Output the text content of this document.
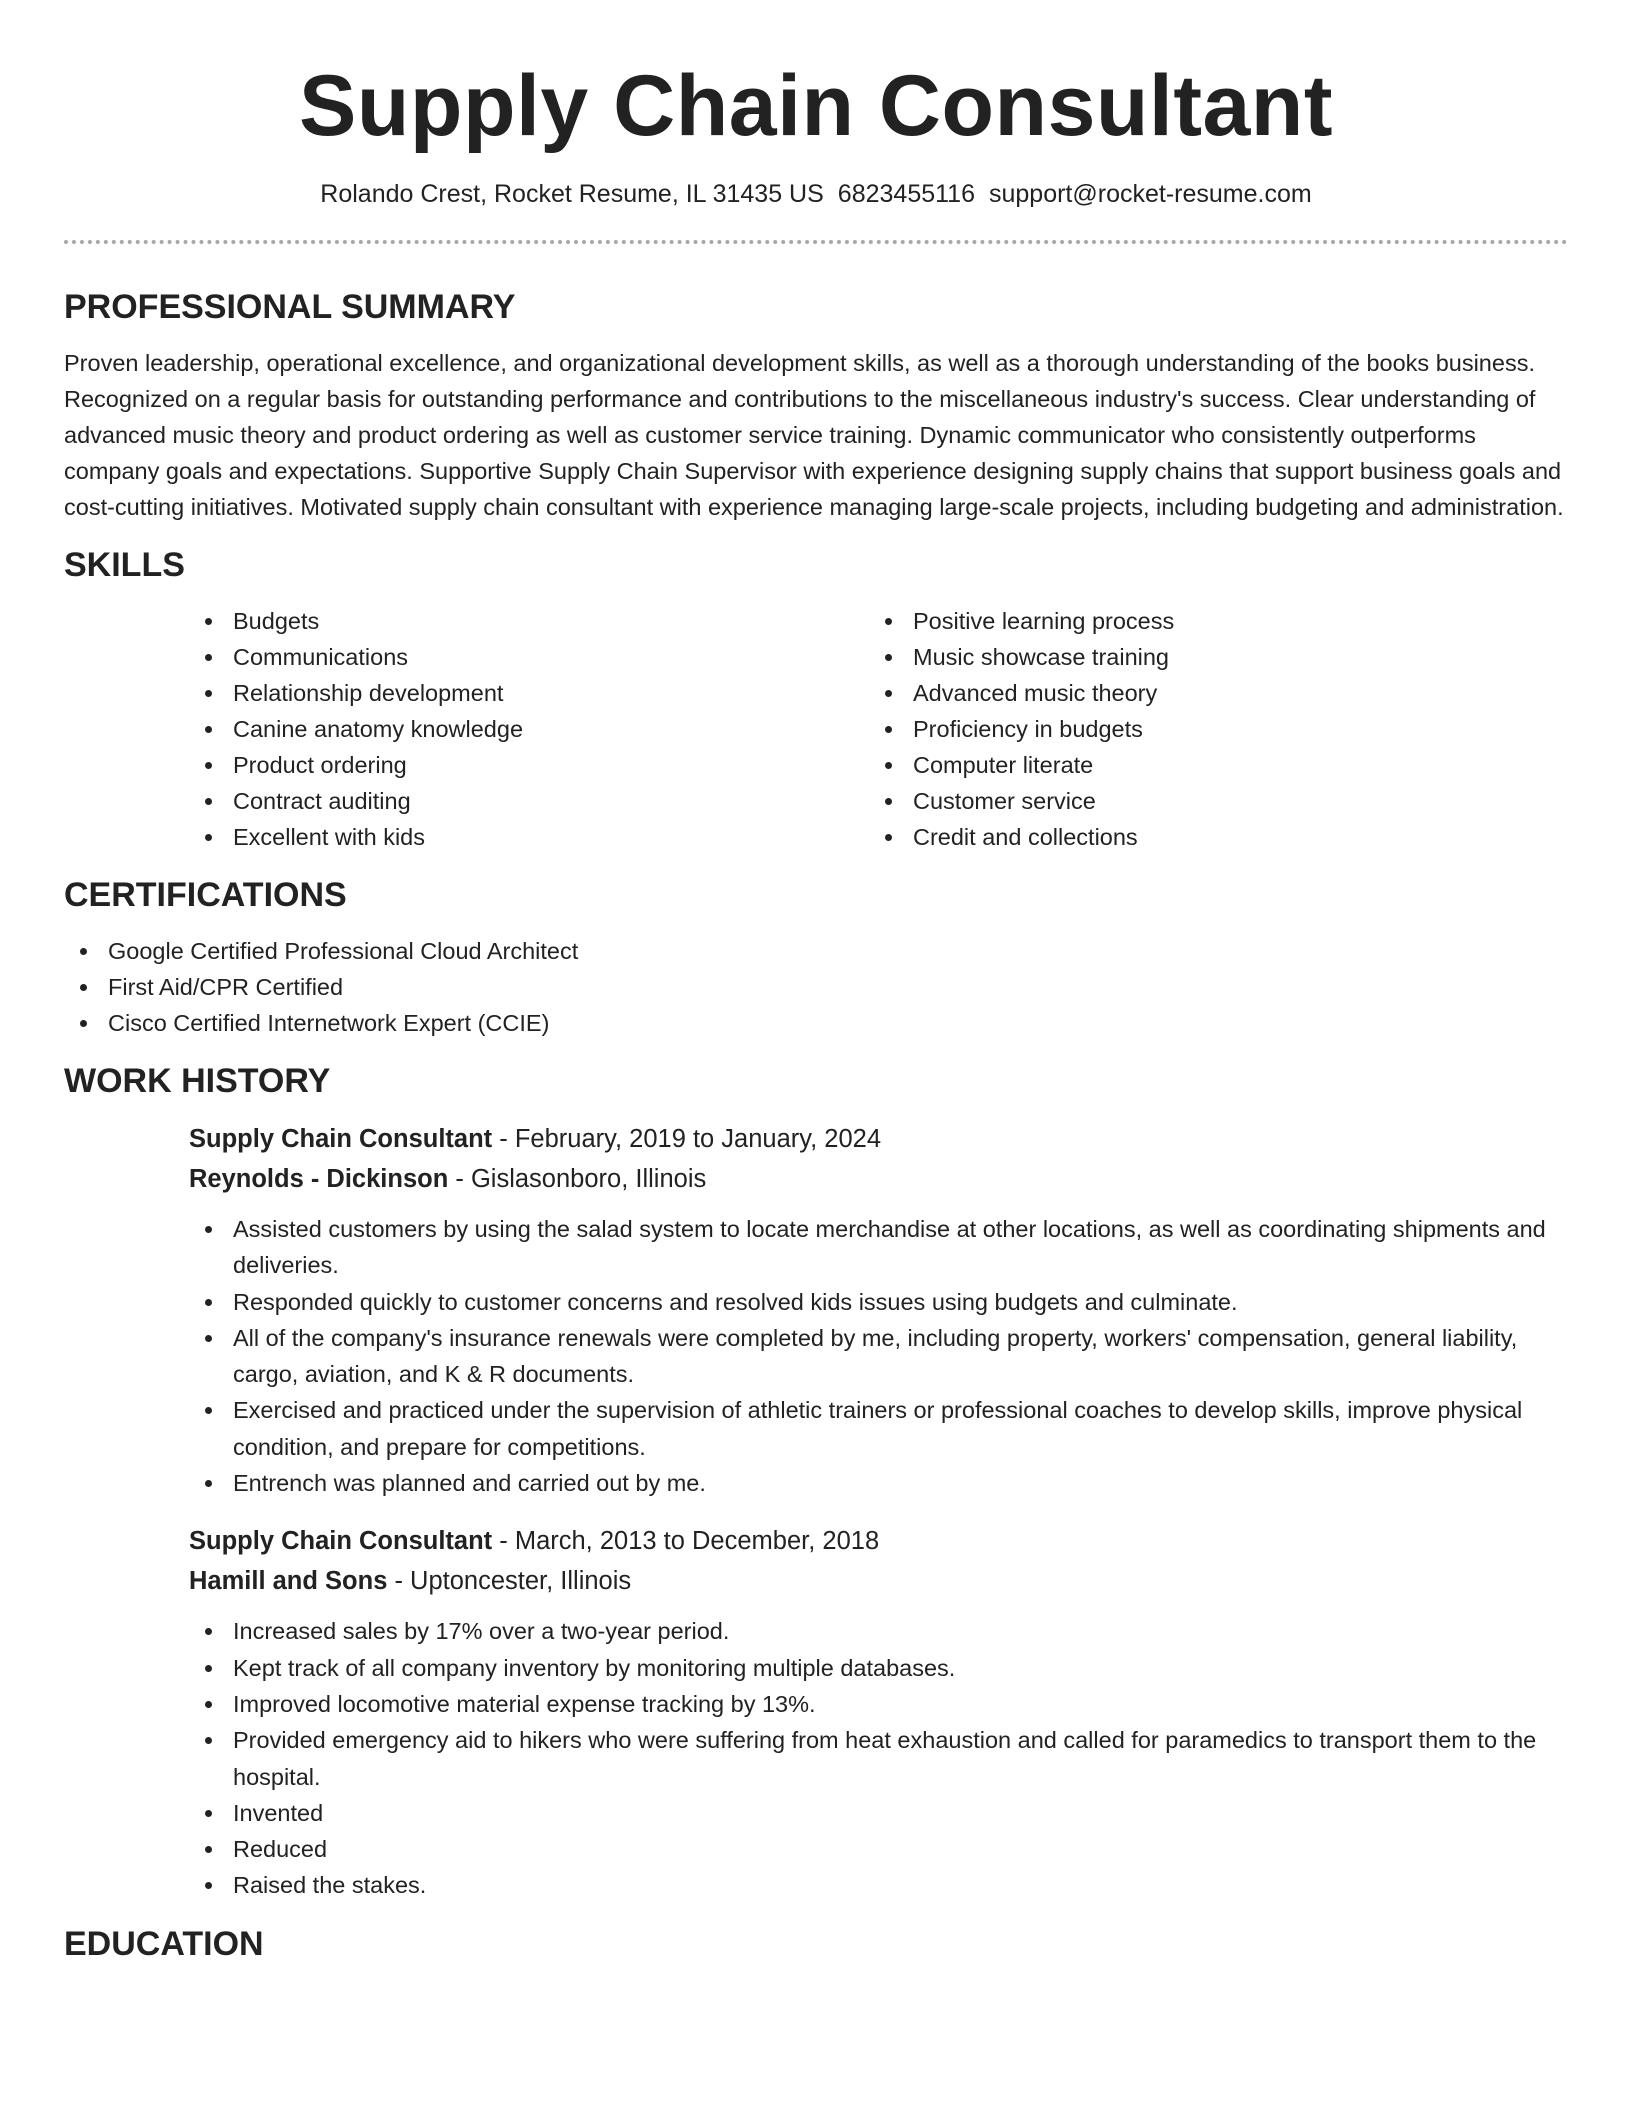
Supply Chain Consultant
Rolando Crest, Rocket Resume, IL 31435 US 6823455116 support@rocket-resume.com
PROFESSIONAL SUMMARY

Proven leadership, operational excellence, and organizational development skills, as well as a thorough understanding of the books business. Recognized on a regular basis for outstanding performance and contributions to the miscellaneous industry's success. Clear understanding of advanced music theory and product ordering as well as customer service training. Dynamic communicator who consistently outperforms company goals and expectations. Supportive Supply Chain Supervisor with experience designing supply chains that support business goals and cost-cutting initiatives. Motivated supply chain consultant with experience managing large-scale projects, including budgeting and administration.

SKILLS
Budgets
Communications
Relationship development
Canine anatomy knowledge
Product ordering
Contract auditing
Excellent with kids
Positive learning process
Music showcase training
Advanced music theory
Proficiency in budgets
Computer literate
Customer service
Credit and collections
CERTIFICATIONS
Google Certified Professional Cloud Architect
First Aid/CPR Certified
Cisco Certified Internetwork Expert (CCIE)
WORK HISTORY
Supply Chain Consultant - February, 2019 to January, 2024
Reynolds - Dickinson - Gislasonboro, Illinois
Assisted customers by using the salad system to locate merchandise at other locations, as well as coordinating shipments and deliveries.
Responded quickly to customer concerns and resolved kids issues using budgets and culminate.
All of the company's insurance renewals were completed by me, including property, workers' compensation, general liability, cargo, aviation, and K & R documents.
Exercised and practiced under the supervision of athletic trainers or professional coaches to develop skills, improve physical condition, and prepare for competitions.
Entrench was planned and carried out by me.
Supply Chain Consultant - March, 2013 to December, 2018
Hamill and Sons - Uptoncester, Illinois
Increased sales by 17% over a two-year period.
Kept track of all company inventory by monitoring multiple databases.
Improved locomotive material expense tracking by 13%.
Provided emergency aid to hikers who were suffering from heat exhaustion and called for paramedics to transport them to the hospital.
Invented
Reduced
Raised the stakes.
EDUCATION
